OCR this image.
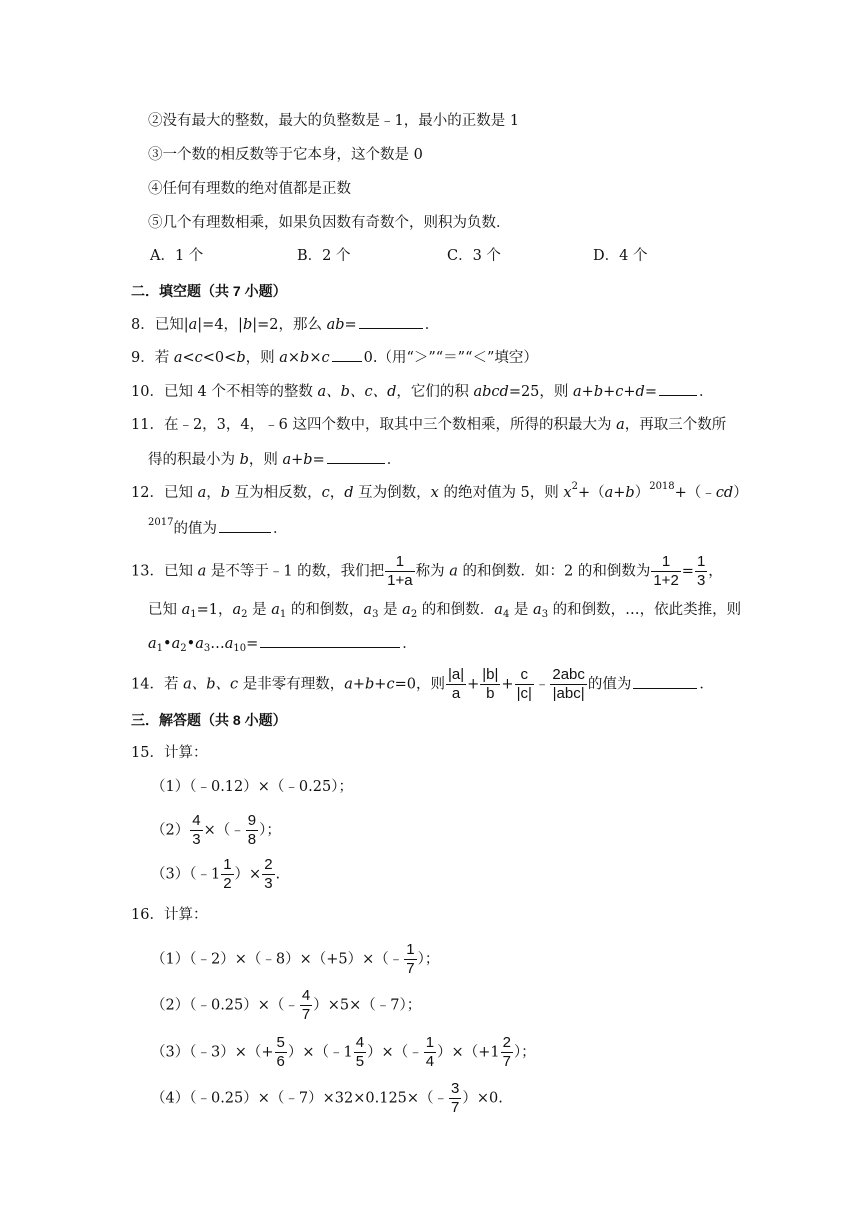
②没有最大的整数，最大的负整数是﹣1，最小的正数是 1
③一个数的相反数等于它本身，这个数是 0
④任何有理数的绝对值都是正数
⑤几个有理数相乘，如果负因数有奇数个，则积为负数．
A．1 个	B．2 个	C．3 个	D．4 个
二．填空题（共 7 小题）
8．已知|a|=4，|b|=2，那么 ab=	．
9．若 a<c<0<b，则 a×b×c 0.（用“＞”“＝”“＜”填空）
10．已知 4 个不相等的整数 a、b、c、d，它们的积 abcd=25，则 a+b+c+d=	．
11．在﹣2，3，4，﹣6 这四个数中，取其中三个数相乘，所得的积最大为 a，再取三个数所
得的积最小为 b，则 a+b=	．
12．已知 a，b 互为相反数，c，d 互为倒数，x 的绝对值为 5，则 $x^2+(a+b)^{2018}+(﹣cd)$
$^{2017}$的值为	．
13．已知 a 是不等于﹣1 的数，我们把 $\frac{1}{1+a}$ 称为 a 的和倒数．如：2 的和倒数为 $\frac{1}{1+2} = \frac{1}{3}$ ，
已知 $a_1=1$，$a_2$ 是 $a_1$ 的和倒数，$a_3$ 是 $a_2$ 的和倒数．$a_4$ 是 $a_3$ 的和倒数，…，依此类推，则
$a_1•a_2•a_3\dots a_{10}=$	．
14．若 a、b、c 是非零有理数，a+b+c=0，则 $\frac{|a|}{a} + \frac{|b|}{b} + \frac{c}{|c|}$ ﹣ $\frac{\text{2abc}}{\text{|abc|}}$ 的值为	．
三．解答题（共 8 小题）
15．计算：
（1）（﹣0.12）×（﹣0.25）；
$(2) \frac{4}{3}$ ×（﹣ $\frac{9}{8}$ ）；
（3）（﹣1 $\frac{1}{2}$ ）× $\frac{2}{3}$ .
16．计算：
（1）（﹣2）×（﹣8）×（+5）×（﹣ $\frac{1}{7}$ ）；
（2）（﹣0.25）×（﹣ $\frac{4}{7}$ ）×5×（﹣7）；
（3）（﹣3）×（+ $\frac{5}{6}$ ）×（﹣1 $\frac{4}{5}$ ）×（﹣ $\frac{1}{4} )\times(+1 \frac{2}{7}$ ）；
（4）（﹣0.25）×（﹣7）×32×0.125×（﹣ $\frac{3}{7} )\times 0$.
